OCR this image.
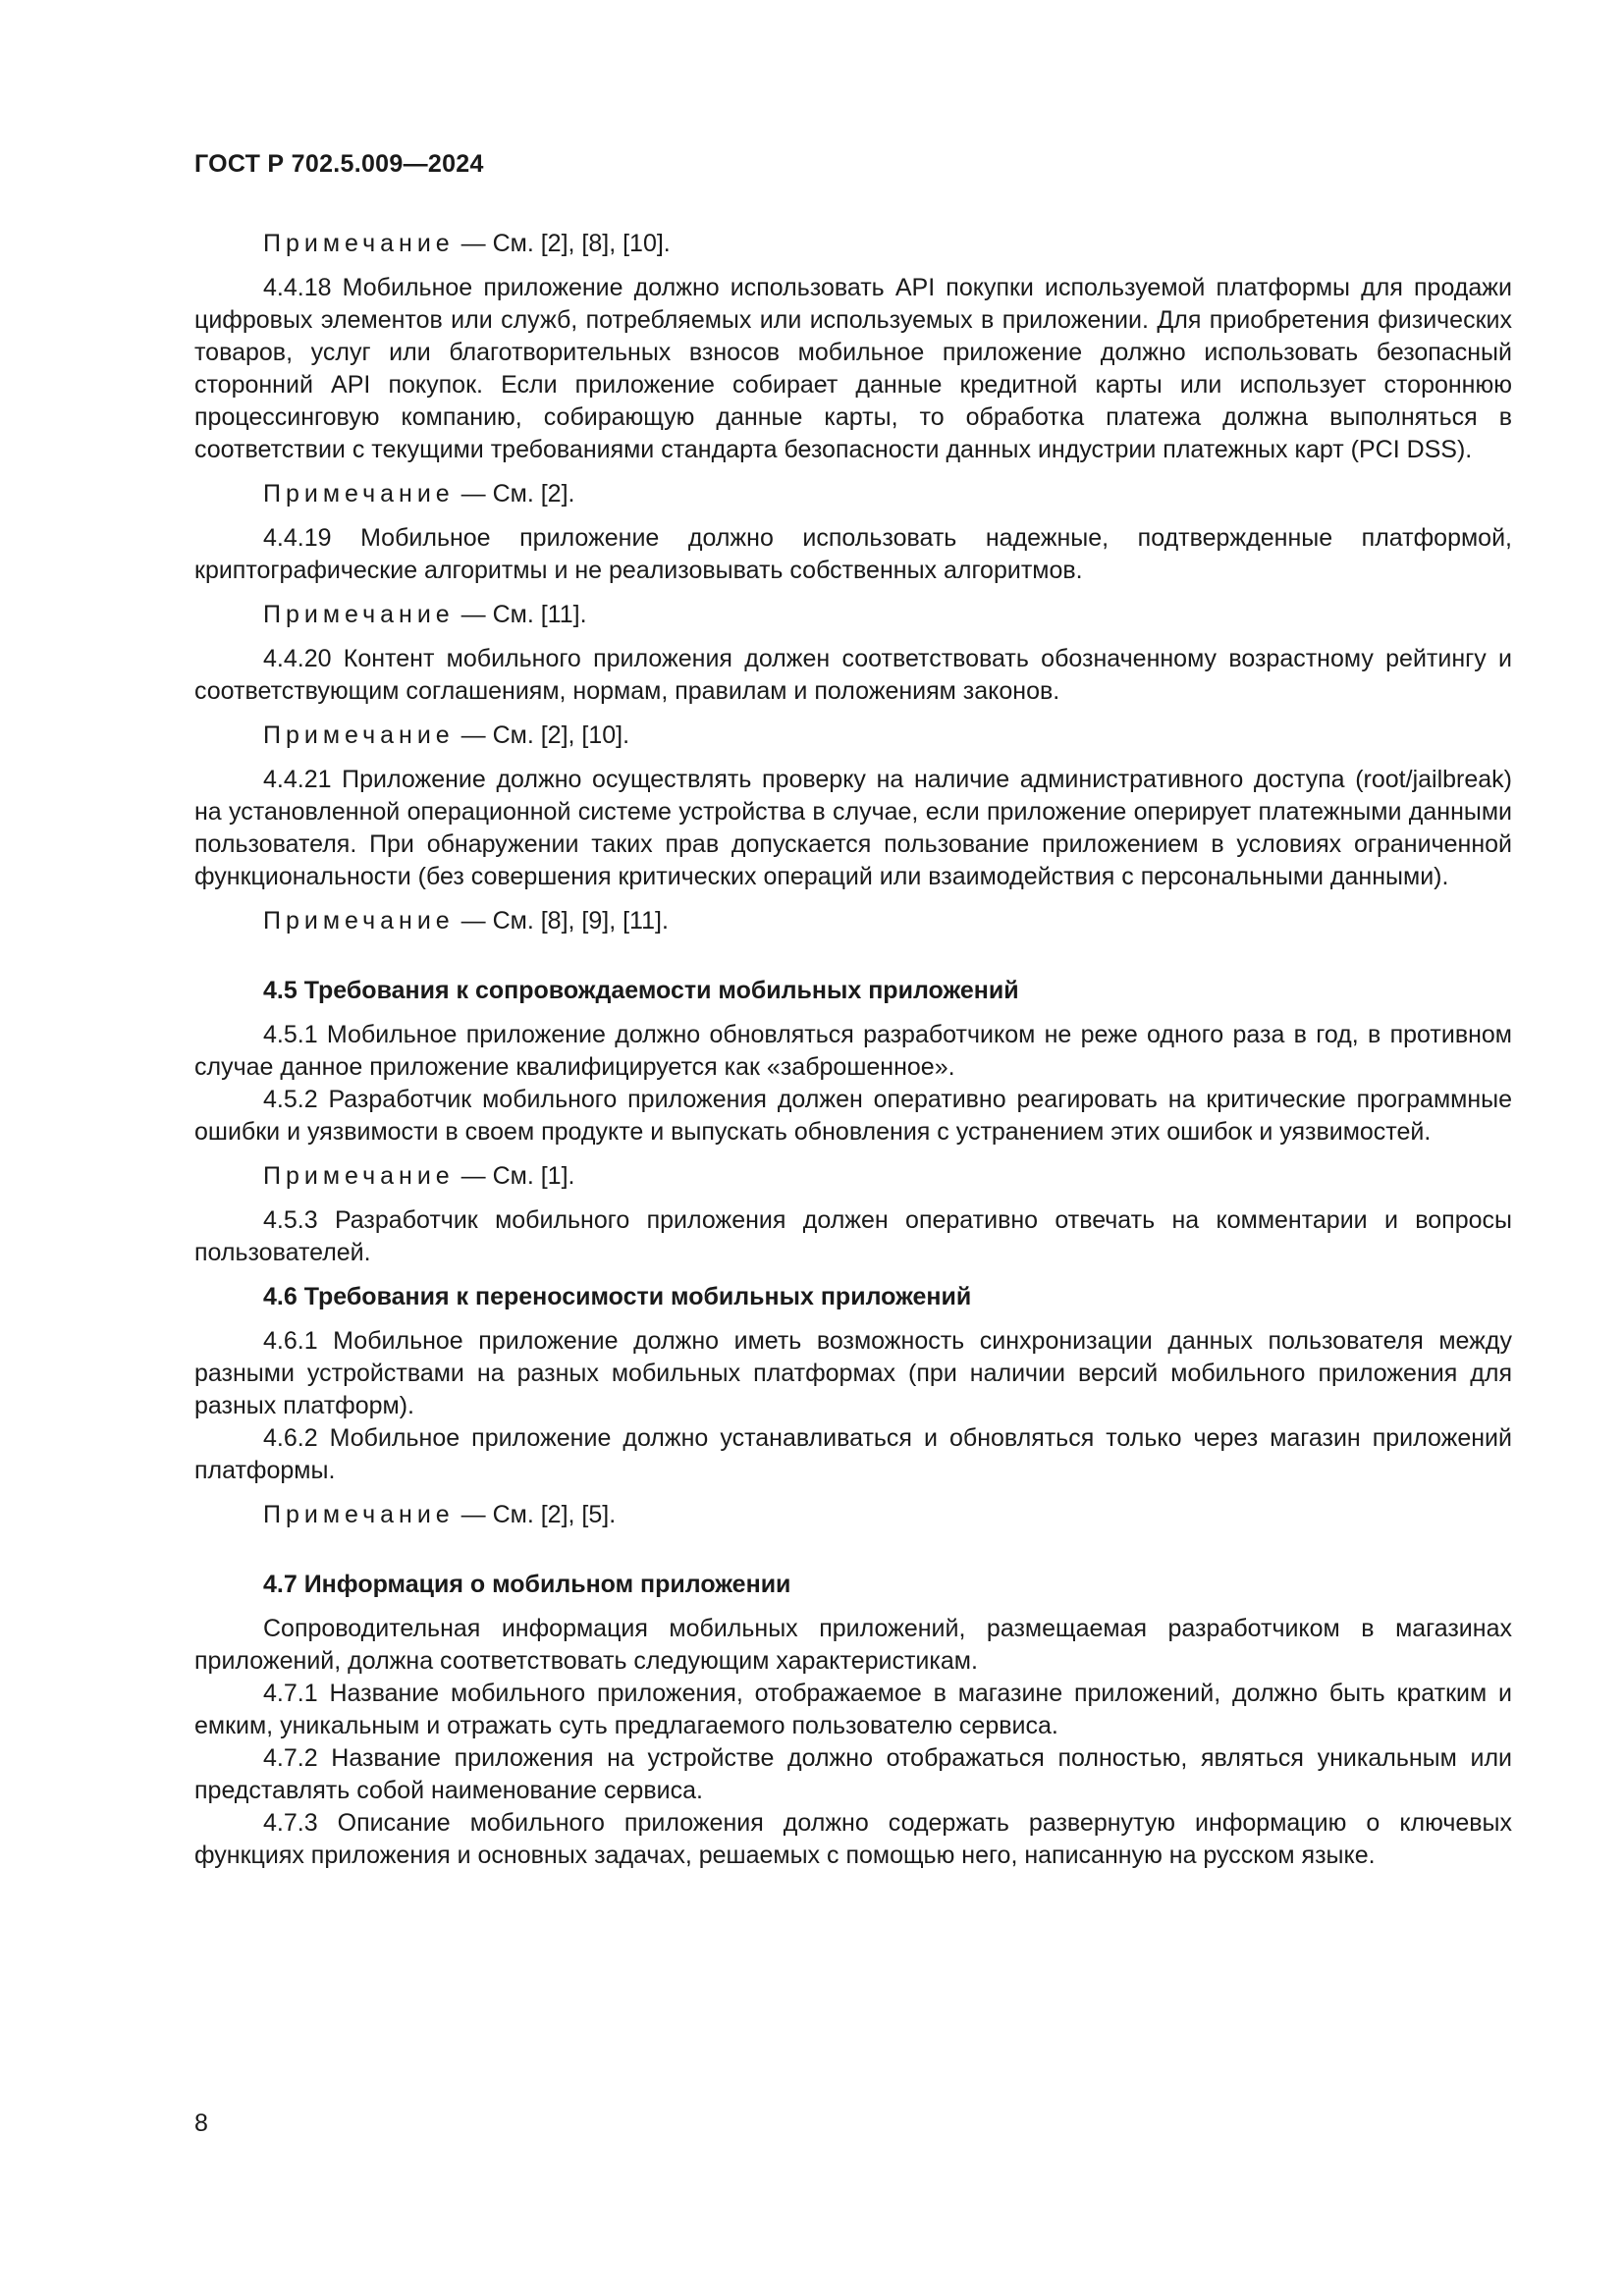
ГОСТ Р 702.5.009—2024
Примечание — См. [2], [8], [10].

4.4.18 Мобильное приложение должно использовать API покупки используемой платформы для продажи цифровых элементов или служб, потребляемых или используемых в приложении. Для приобретения физических товаров, услуг или благотворительных взносов мобильное приложение должно использовать безопасный сторонний API покупок. Если приложение собирает данные кредитной карты или использует стороннюю процессинговую компанию, собирающую данные карты, то обработка платежа должна выполняться в соответствии с текущими требованиями стандарта безопасности данных индустрии платежных карт (PCI DSS).

Примечание — См. [2].

4.4.19 Мобильное приложение должно использовать надежные, подтвержденные платформой, криптографические алгоритмы и не реализовывать собственных алгоритмов.

Примечание — См. [11].

4.4.20 Контент мобильного приложения должен соответствовать обозначенному возрастному рейтингу и соответствующим соглашениям, нормам, правилам и положениям законов.

Примечание — См. [2], [10].

4.4.21 Приложение должно осуществлять проверку на наличие административного доступа (root/jailbreak) на установленной операционной системе устройства в случае, если приложение оперирует платежными данными пользователя. При обнаружении таких прав допускается пользование приложением в условиях ограниченной функциональности (без совершения критических операций или взаимодействия с персональными данными).

Примечание — См. [8], [9], [11].
4.5 Требования к сопровождаемости мобильных приложений

4.5.1 Мобильное приложение должно обновляться разработчиком не реже одного раза в год, в противном случае данное приложение квалифицируется как «заброшенное».

4.5.2 Разработчик мобильного приложения должен оперативно реагировать на критические программные ошибки и уязвимости в своем продукте и выпускать обновления с устранением этих ошибок и уязвимостей.

Примечание — См. [1].

4.5.3 Разработчик мобильного приложения должен оперативно отвечать на комментарии и вопросы пользователей.

4.6 Требования к переносимости мобильных приложений

4.6.1 Мобильное приложение должно иметь возможность синхронизации данных пользователя между разными устройствами на разных мобильных платформах (при наличии версий мобильного приложения для разных платформ).

4.6.2 Мобильное приложение должно устанавливаться и обновляться только через магазин приложений платформы.

Примечание — См. [2], [5].
4.7 Информация о мобильном приложении

Сопроводительная информация мобильных приложений, размещаемая разработчиком в магазинах приложений, должна соответствовать следующим характеристикам.

4.7.1 Название мобильного приложения, отображаемое в магазине приложений, должно быть кратким и емким, уникальным и отражать суть предлагаемого пользователю сервиса.

4.7.2 Название приложения на устройстве должно отображаться полностью, являться уникальным или представлять собой наименование сервиса.

4.7.3 Описание мобильного приложения должно содержать развернутую информацию о ключевых функциях приложения и основных задачах, решаемых с помощью него, написанную на русском языке.

8
